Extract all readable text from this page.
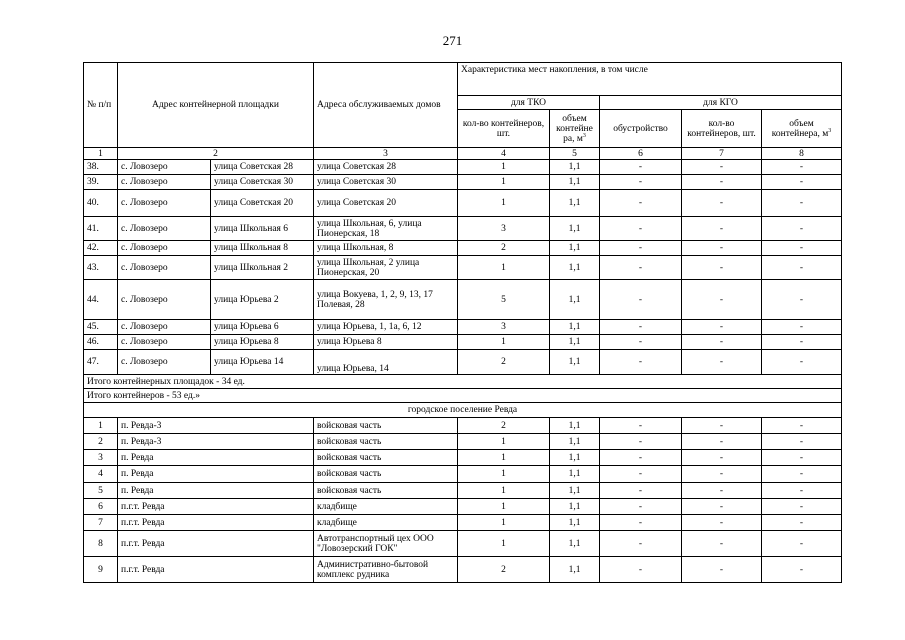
271
№ п/п	Адрес контейнерной площадки		Адреса обслуживаемых домов	Характеристика мест накопления, в том числе				
				для ТКО		для КГО		
				кол-во контейнеров, шт.	объем контейне ра, $м^3$	обустройство	кол-во контейнеров, шт.	объем контейнера, $м^3$
1	2		3	4	5	6	7	8
38.	с. Ловозеро	улица Советская 28	улица Советская 28	1	1,1	-	-	-
39.	с. Ловозеро	улица Советская 30	улица Советская 30	1	1,1	-	-	-
40.	с. Ловозеро	улица Советская 20	улица Советская 20	1	1,1	-	-	-
41.	с. Ловозеро	улица Школьная 6	улица Школьная, 6, улица Пионерская, 18	3	1,1	-	-	-
42.	с. Ловозеро	улица Школьная 8	улица Школьная, 8	2	1,1	-	-	-
43.	с. Ловозеро	улица Школьная 2	улица Школьная, 2 улица Пионерская, 20	1	1,1	-	-	-
44.	с. Ловозеро	улица Юрьева 2	улица Вокуева, 1, 2, 9, 13, 17 Полевая, 28	5	1,1	-	-	-
45.	с. Ловозеро	улица Юрьева 6	улица Юрьева, 1, 1а, 6, 12	3	1,1	-	-	-
46.	с. Ловозеро	улица Юрьева 8	улица Юрьева 8	1	1,1	-	-	-
47.	с. Ловозеро	улица Юрьева 14	улица Юрьева, 14	2	1,1	-	-	-
Итого контейнерных площадок - 34 ед.								
Итого контейнеров - 53 ед.»								
городское поселение Ревда								
1	п. Ревда-3		войсковая часть	2	1,1	-	-	-
2	п. Ревда-3		войсковая часть	1	1,1	-	-	-
3	п. Ревда		войсковая часть	1	1,1	-	-	-
4	п. Ревда		войсковая часть	1	1,1	-	-	-
5	п. Ревда		войсковая часть	1	1,1	-	-	-
6	п.г.т. Ревда		кладбище	1	1,1	-	-	-
7	п.г.т. Ревда		кладбище	1	1,1	-	-	-
8	п.г.т. Ревда		Автотранспортный цех ООО "Ловозерский ГОК"	1	1,1	-	-	-
9	п.г.т. Ревда		Административно-бытовой комплекс рудника	2	1,1	-	-	-
